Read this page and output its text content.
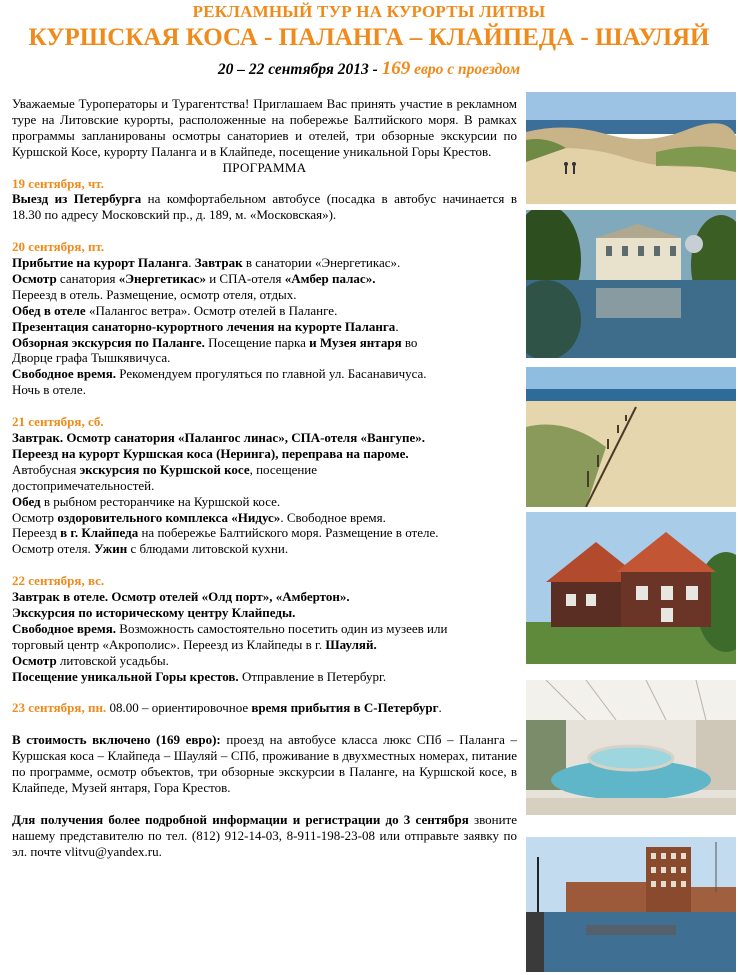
РЕКЛАМНЫЙ ТУР НА КУРОРТЫ ЛИТВЫ
КУРШСКАЯ КОСА - ПАЛАНГА – КЛАЙПЕДА - ШАУЛЯЙ
20 – 22 сентября 2013 - 169 евро с проездом
Уважаемые Туроператоры и Турагентства! Приглашаем Вас принять участие в рекламном туре на Литовские курорты, расположенные на побережье Балтийского моря. В рамках программы запланированы осмотры санаториев и отелей, три обзорные экскурсии по Куршской Косе, курорту Паланга и в Клайпеде, посещение уникальной Горы Крестов.
ПРОГРАММА
19 сентября, чт.
Выезд из Петербурга на комфортабельном автобусе (посадка в автобус начинается в 18.30 по адресу Московский пр., д. 189, м. «Московская»).
20 сентября, пт.
Прибытие на курорт Паланга. Завтрак в санатории «Энергетикас».
Осмотр санатория «Энергетикас» и СПА-отеля «Амбер палас».
Переезд в отель. Размещение, осмотр отеля, отдых.
Обед в отеле «Палангос ветра». Осмотр отелей в Паланге.
Презентация санаторно-курортного лечения на курорте Паланга.
Обзорная экскурсия по Паланге. Посещение парка и Музея янтаря во
Дворце графа Тышкявичуса.
Свободное время. Рекомендуем прогуляться по главной ул. Басанавичуса.
Ночь в отеле.
21 сентября, сб.
Завтрак. Осмотр санатория «Палангос линас», СПА-отеля «Вангупе».
Переезд на курорт Куршская коса (Неринга), переправа на пароме.
Автобусная экскурсия по Куршской косе, посещение
достопримечательностей.
Обед в рыбном ресторанчике на Куршской косе.
Осмотр оздоровительного комплекса «Нидус». Свободное время.
Переезд в г. Клайпеда на побережье Балтийского моря. Размещение в отеле.
Осмотр отеля. Ужин с блюдами литовской кухни.
22 сентября, вс.
Завтрак в отеле. Осмотр отелей «Олд порт», «Амбертон».
Экскурсия по историческому центру Клайпеды.
Свободное время. Возможность самостоятельно посетить один из музеев или
торговый центр «Акрополис». Переезд из Клайпеды в г. Шауляй.
Осмотр литовской усадьбы.
Посещение уникальной Горы крестов. Отправление в Петербург.
23 сентября, пн. 08.00 – ориентировочное время прибытия в С-Петербург.
В стоимость включено (169 евро): проезд на автобусе класса люкс СПб – Паланга – Куршская коса – Клайпеда – Шауляй – СПб, проживание в двухместных номерах, питание по программе, осмотр объектов, три обзорные экскурсии в Паланге, на Куршской косе, в Клайпеде, Музей янтаря, Гора Крестов.
Для получения более подробной информации и регистрации до 3 сентября звоните нашему представителю по тел. (812) 912-14-03, 8-911-198-23-08 или отправьте заявку по эл. почте vlitvu@yandex.ru.
